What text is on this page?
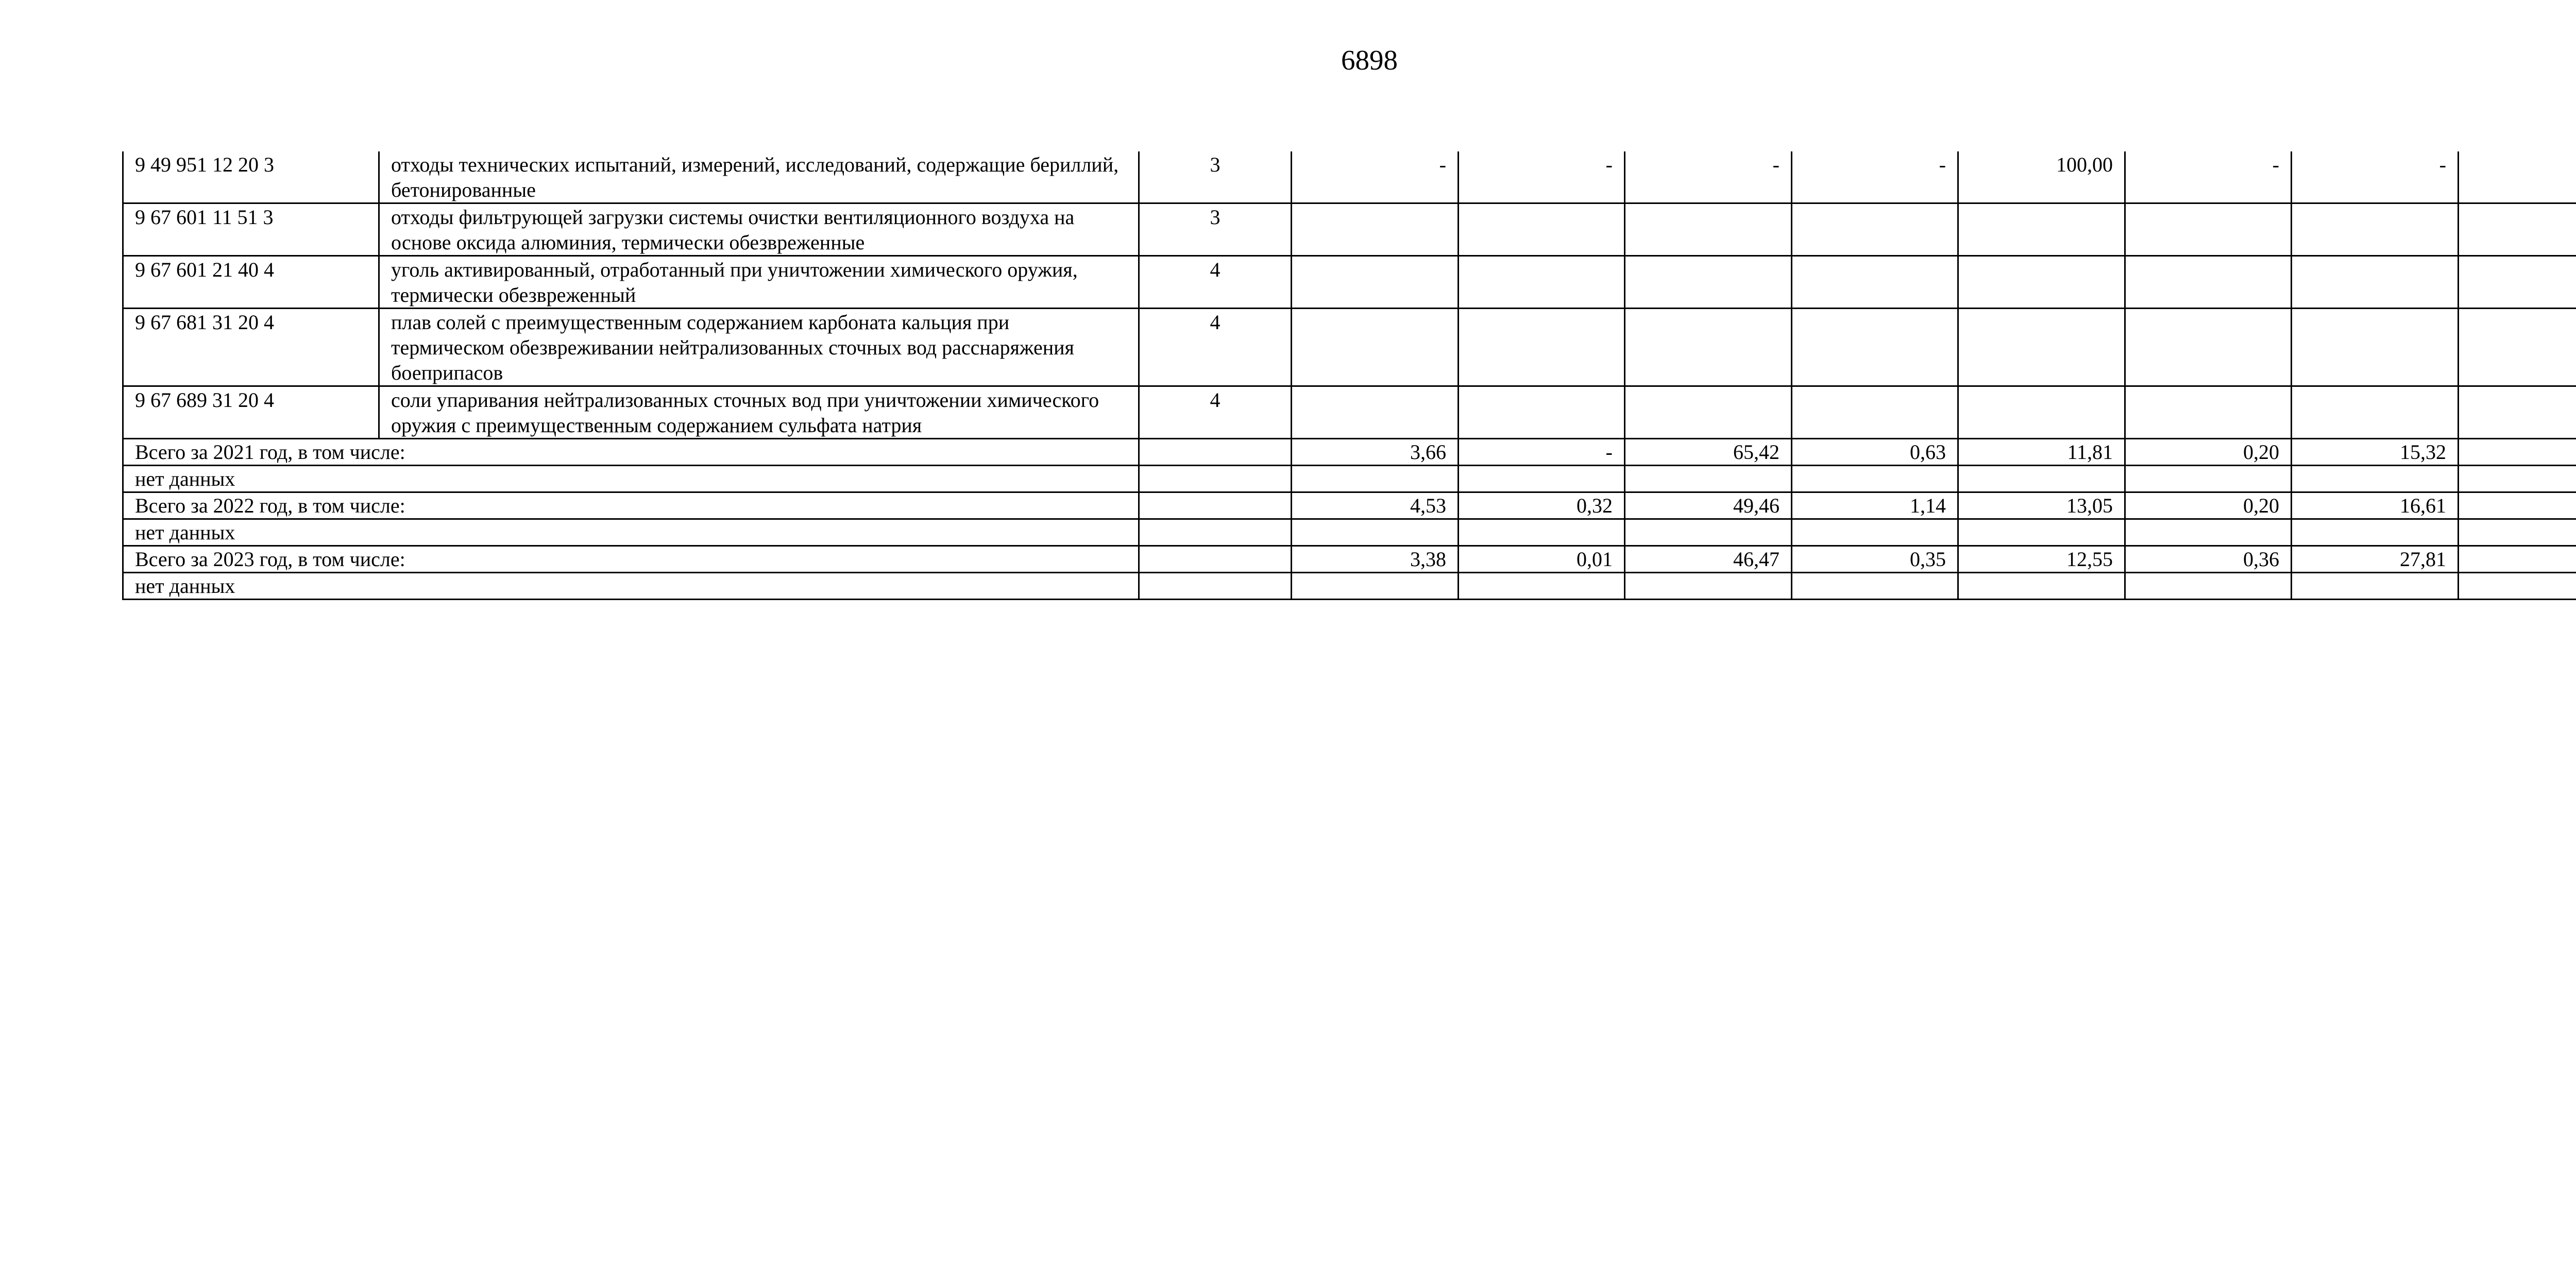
6898
9 49 951 12 20 3	отходы технических испытаний, измерений, исследований, содержащие бериллий, бетонированные	3	-	-	-	-	100,00	-	-	
9 67 601 11 51 3	отходы фильтрующей загрузки системы очистки вентиляционного воздуха на основе оксида алюминия, термически обезвреженные	3								
9 67 601 21 40 4	уголь активированный, отработанный при уничтожении химического оружия, термически обезвреженный	4								
9 67 681 31 20 4	плав солей с преимущественным содержанием карбоната кальция при термическом обезвреживании нейтрализованных сточных вод расснаряжения боеприпасов	4								
9 67 689 31 20 4	соли упаривания нейтрализованных сточных вод при уничтожении химического оружия с преимущественным содержанием сульфата натрия	4								
Всего за 2021 год, в том числе:			3,66	-	65,42	0,63	11,81	0,20	15,32	
нет данных										
Всего за 2022 год, в том числе:			4,53	0,32	49,46	1,14	13,05	0,20	16,61	
нет данных										
Всего за 2023 год, в том числе:			3,38	0,01	46,47	0,35	12,55	0,36	27,81	
нет данных										
